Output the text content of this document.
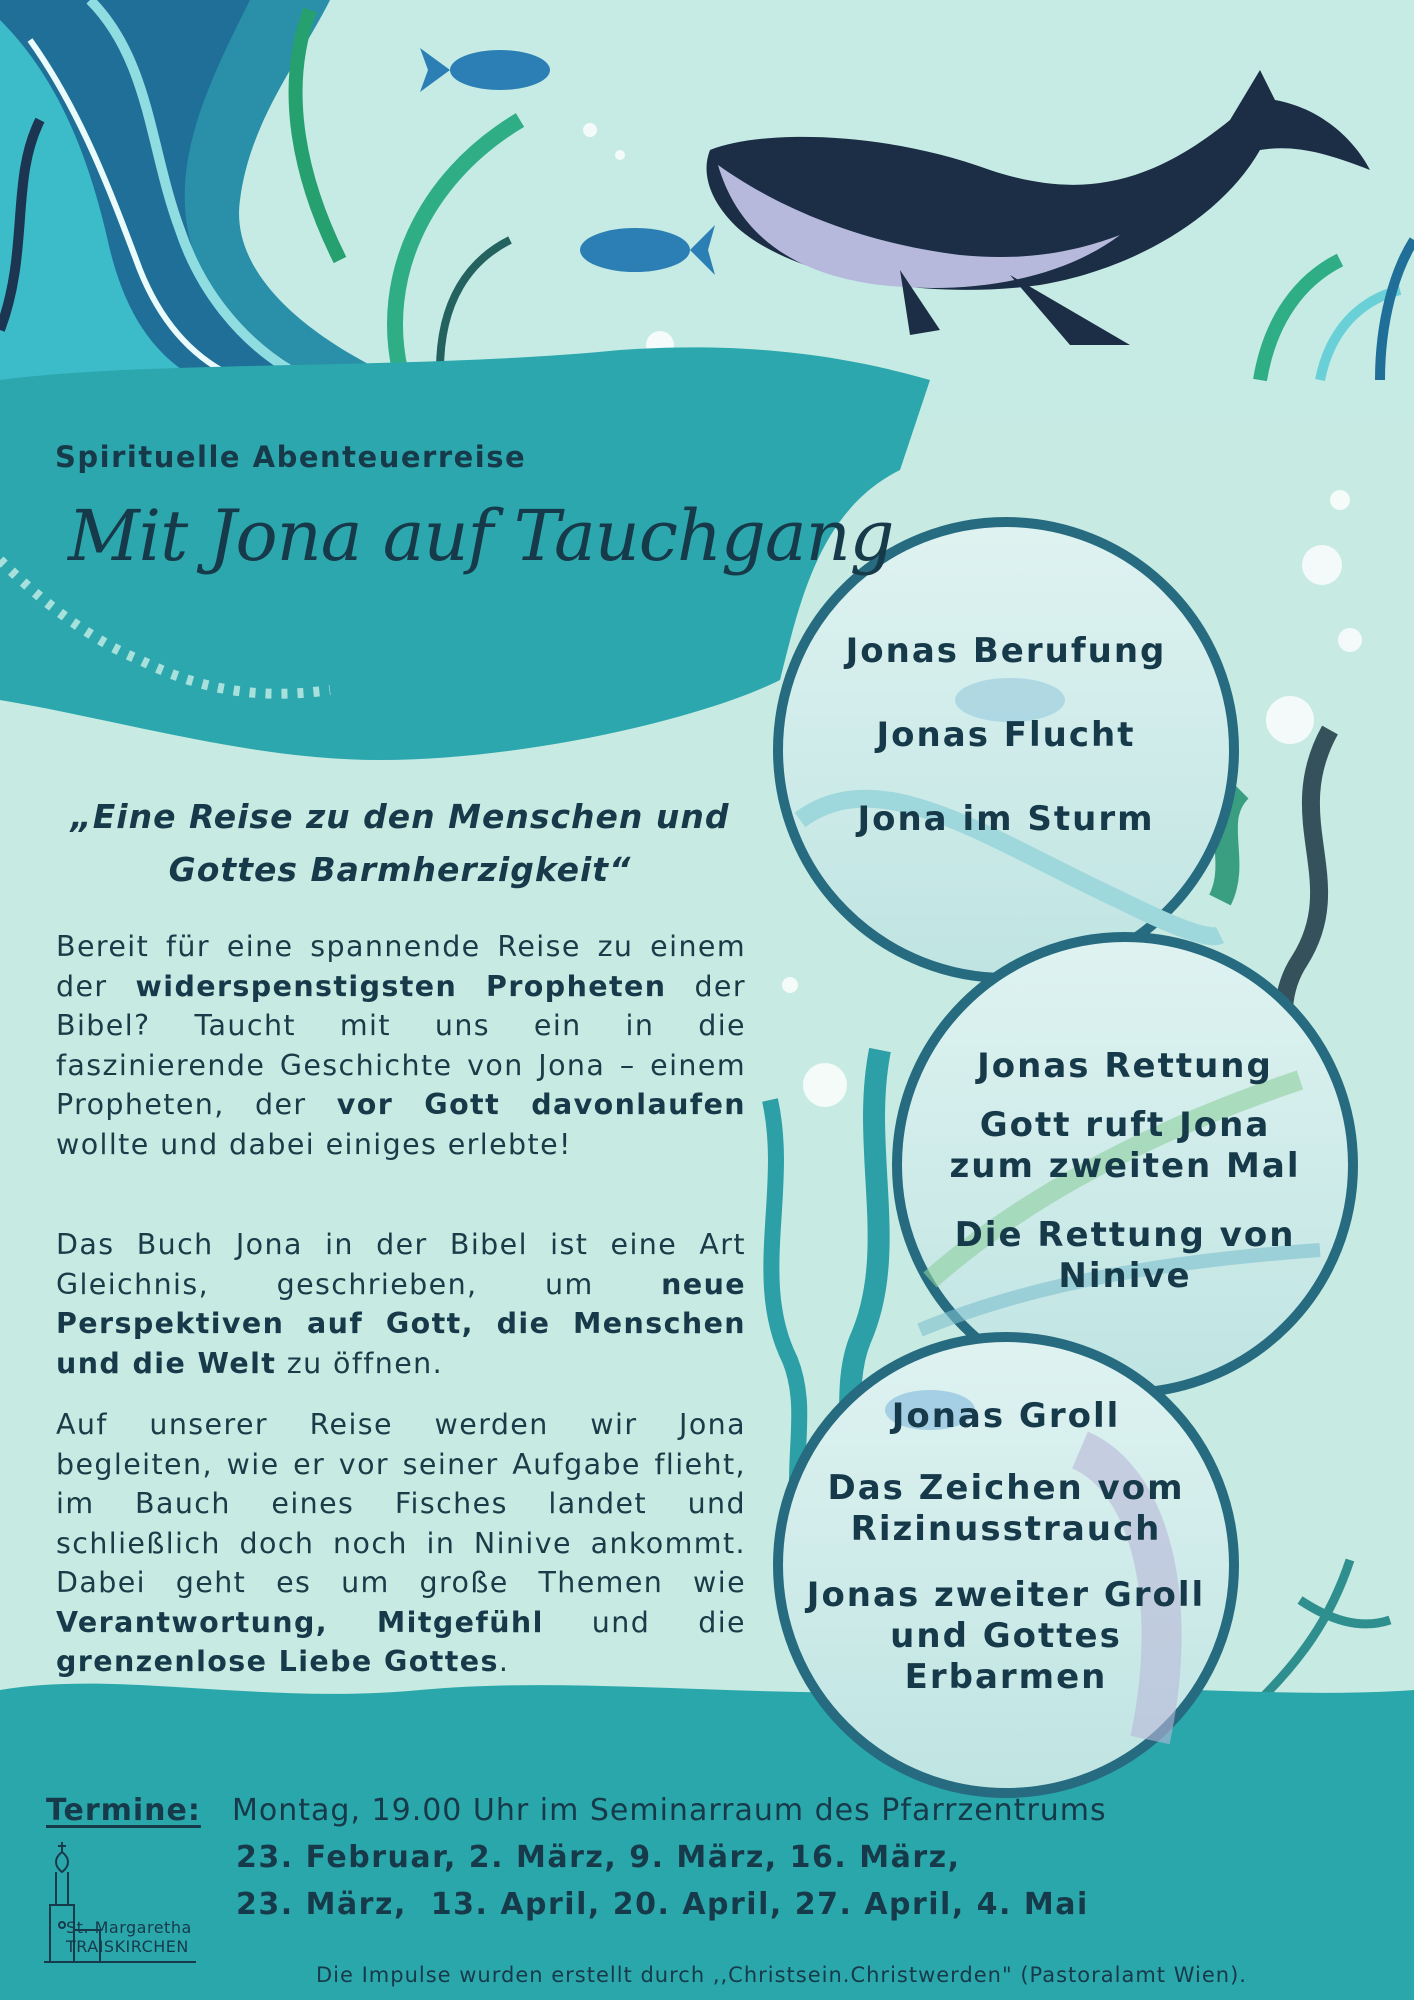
Spirituelle Abenteuerreise
Mit Jona auf Tauchgang
„Eine Reise zu den Menschen und Gottes Barmherzigkeit“

Bereit für eine spannende Reise zu einem der widerspenstigsten Propheten der Bibel? Taucht mit uns ein in die faszinierende Geschichte von Jona – einem Propheten, der vor Gott davonlaufen wollte und dabei einiges erlebte!

Das Buch Jona in der Bibel ist eine Art Gleichnis, geschrieben, um neue Perspektiven auf Gott, die Menschen und die Welt zu öffnen.

Auf unserer Reise werden wir Jona begleiten, wie er vor seiner Aufgabe flieht, im Bauch eines Fisches landet und schließlich doch noch in Ninive ankommt. Dabei geht es um große Themen wie Verantwortung, Mitgefühl und die grenzenlose Liebe Gottes.

Jonas Berufung
Jonas Flucht
Jona im Sturm
Jonas Rettung
Gott ruft Jona zum zweiten Mal
Die Rettung von Ninive
Jonas Groll
Das Zeichen vom Rizinusstrauch
Jonas zweiter Groll und Gottes Erbarmen
Termine: Montag, 19.00 Uhr im Seminarraum des Pfarrzentrums
23. Februar, 2. März, 9. März, 16. März,
23. März,  13. April, 20. April, 27. April, 4. Mai
St. Margaretha
TRAISKIRCHEN
Die Impulse wurden erstellt durch ,,Christsein.Christwerden" (Pastoralamt Wien).
